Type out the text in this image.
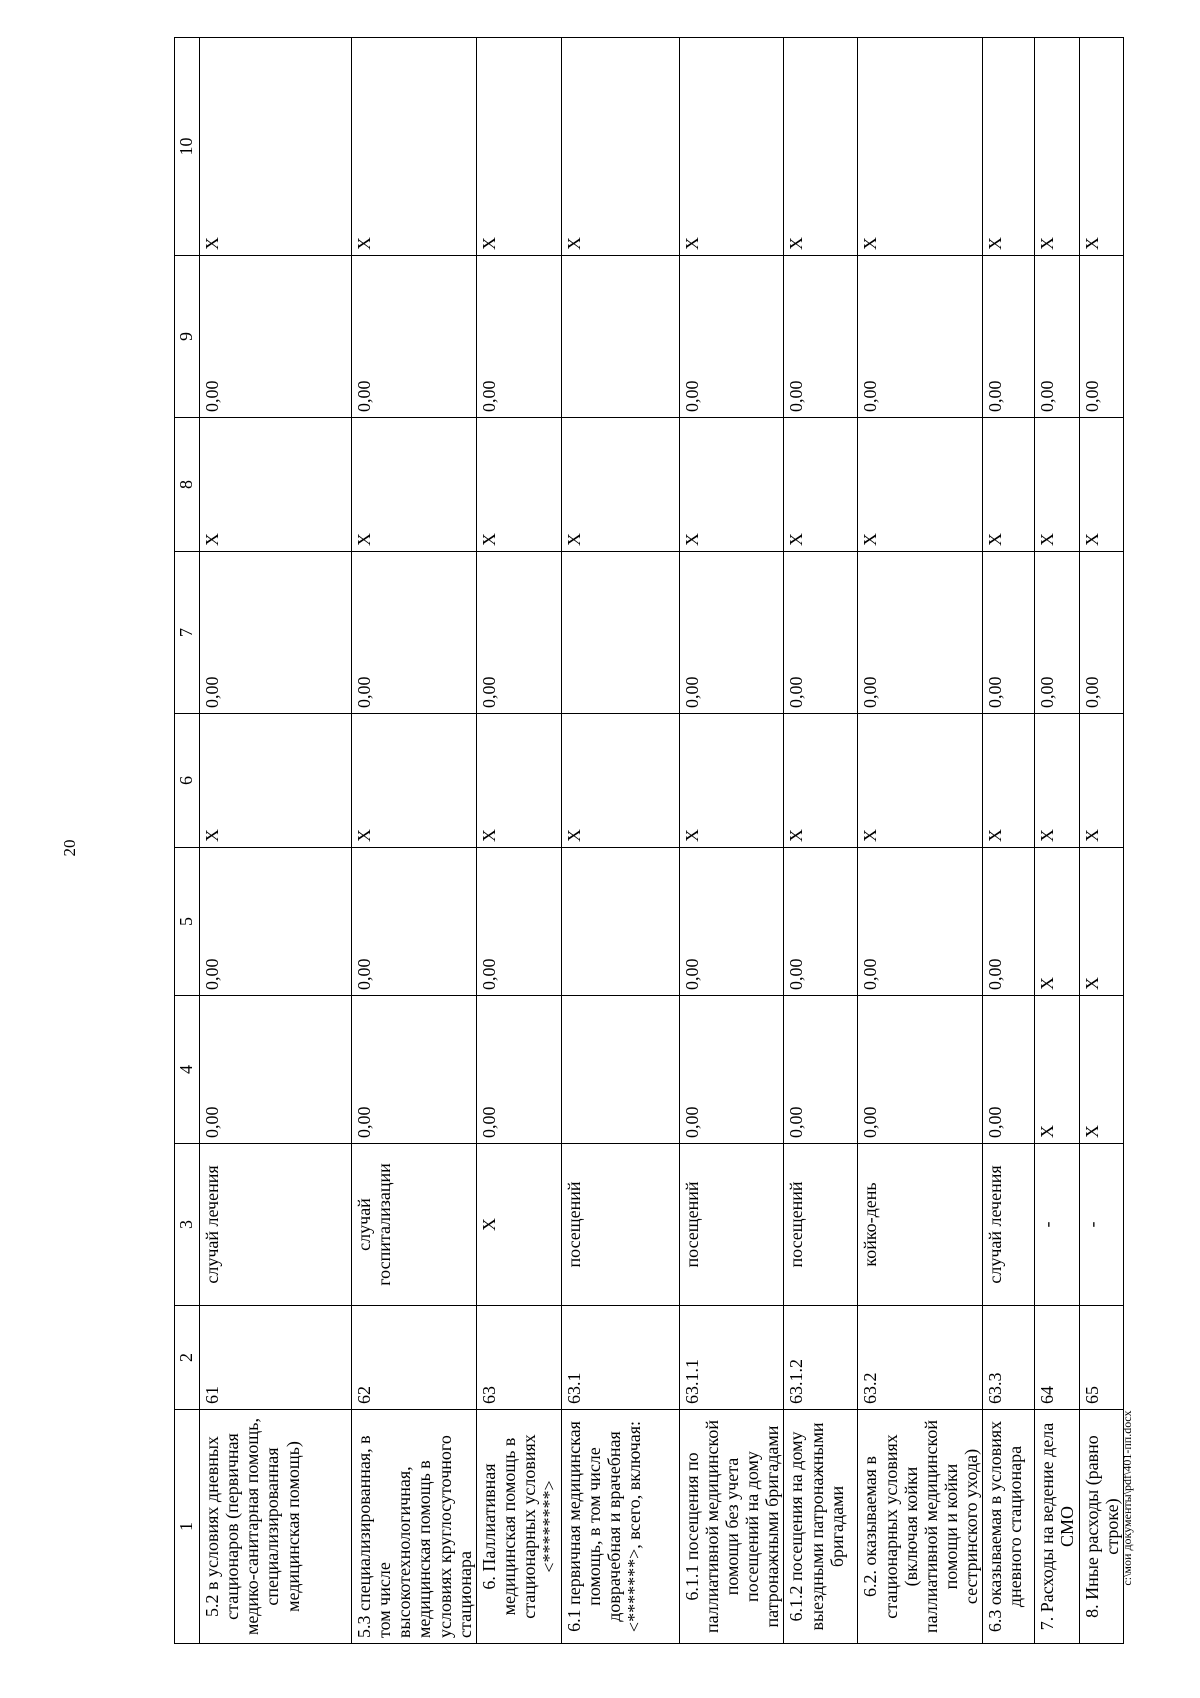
20
1	2	3	4	5	6	7	8	9	10
5.2 в условиях дневных стационаров (первичная медико-санитарная помощь, специализированная медицинская помощь)	61	случай лечения	0,00	0,00	X	0,00	X	0,00	X
5.3 специализированная, в том числе высокотехнологичная, медицинская помощь в условиях круглосуточного стационара	62	случай госпитализации	0,00	0,00	X	0,00	X	0,00	X
6. Паллиативная медицинская помощь в стационарных условиях <********>	63	X	0,00	0,00	X	0,00	X	0,00	X
6.1 первичная медицинская помощь, в том числе доврачебная и врачебная <*******>, всего, включая:	63.1	посещений			X		X		X
6.1.1 посещения по паллиативной медицинской помощи без учета посещений на дому патронажными бригадами	63.1.1	посещений	0,00	0,00	X	0,00	X	0,00	X
6.1.2 посещения на дому выездными патронажными бригадами	63.1.2	посещений	0,00	0,00	X	0,00	X	0,00	X
6.2. оказываемая в стационарных условиях (включая койки паллиативной медицинской помощи и койки сестринского ухода)	63.2	койко-день	0,00	0,00	X	0,00	X	0,00	X
6.3 оказываемая в условиях дневного стационара	63.3	случай лечения	0,00	0,00	X	0,00	X	0,00	X
7. Расходы на ведение дела СМО	64	-	X	X	X	0,00	X	0,00	X
8. Иные расходы (равно строке)	65	-	X	X	X	0,00	X	0,00	X
c:\мои документы\pdf\401-пп.docx
